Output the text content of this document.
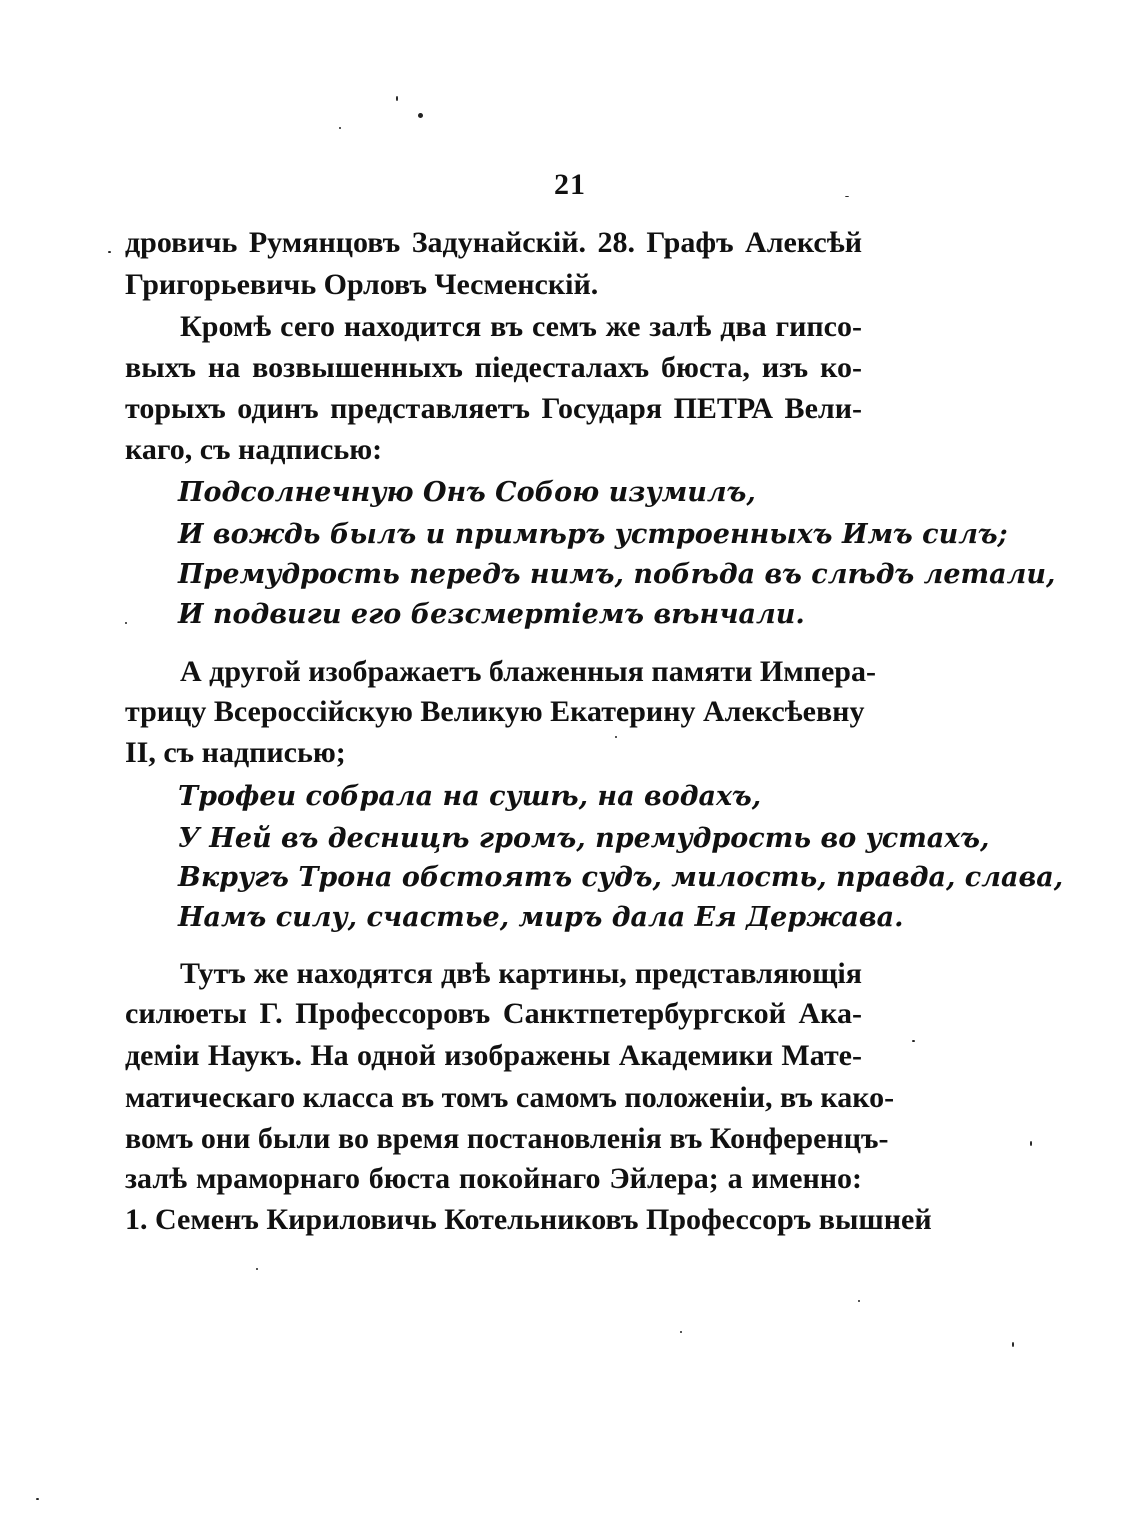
21
дровичь Румянцовъ Задунайскій. 28. Графъ Алексѣй
Григорьевичь Орловъ Чесменскій.
Кромѣ сего находится въ семъ же залѣ два гипсо-
выхъ на возвышенныхъ піедесталахъ бюста, изъ ко-
торыхъ одинъ представляетъ Государя ПЕТРА Вели-
каго, съ надписью:
Подсолнечную Онъ Собою изумилъ,
И вождь былъ и примѣръ устроенныхъ Имъ силъ;
Премудрость передъ нимъ, побѣда въ слѣдъ летали,
И подвиги его безсмертіемъ вѣнчали.
А другой изображаетъ блаженныя памяти Импера-
трицу Всероссійскую Великую Екатерину Алексѣевну
II, съ надписью;
Трофеи собрала на сушѣ, на водахъ,
У Ней въ десницѣ громъ, премудрость во устахъ,
Вкругъ Трона обстоятъ судъ, милость, правда, слава,
Намъ силу, счастье, миръ дала Ея Держава.
Тутъ же находятся двѣ картины, представляющія
силюеты Г. Профессоровъ Санктпетербургской Ака-
деміи Наукъ. На одной изображены Академики Мате-
матическаго класса въ томъ самомъ положеніи, въ како-
вомъ они были во время постановленія въ Конференцъ-
залѣ мраморнаго бюста покойнаго Эйлера; а именно:
1. Семенъ Кириловичь Котельниковъ Профессоръ вышней
